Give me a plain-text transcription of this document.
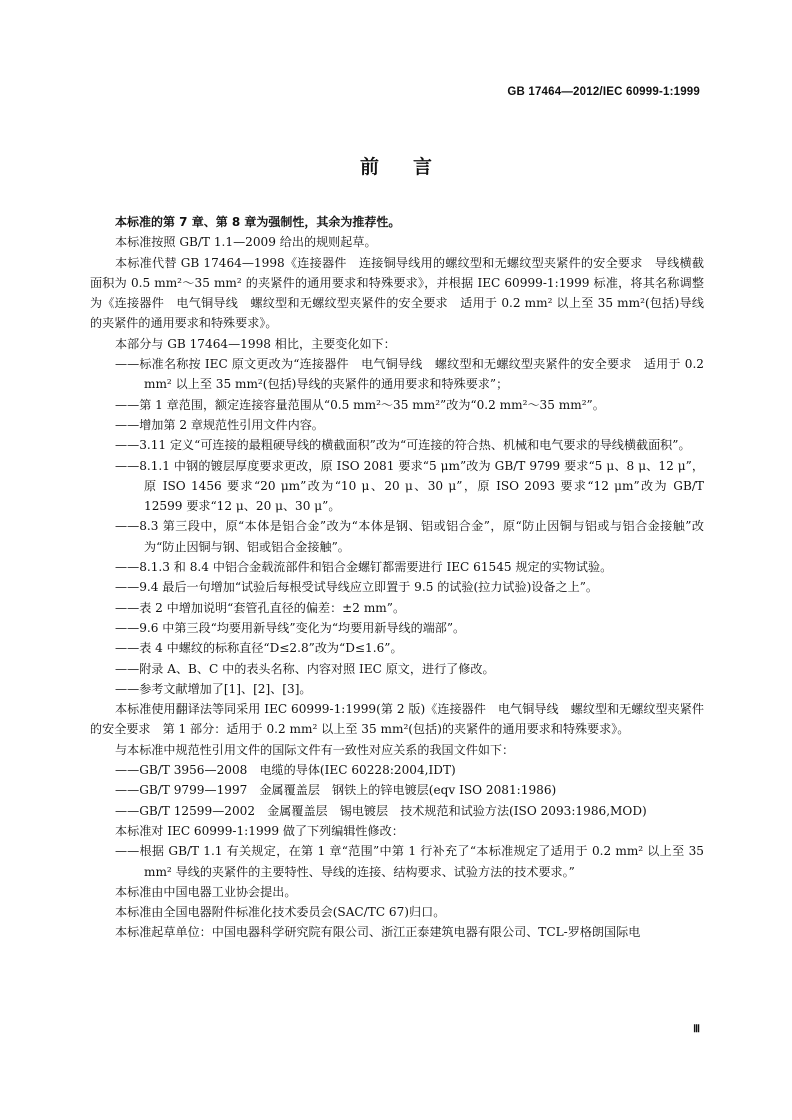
GB 17464—2012/IEC 60999-1:1999
前言

本标准的第 7 章、第 8 章为强制性，其余为推荐性。

本标准按照 GB/T 1.1—2009 给出的规则起草。

本标准代替 GB 17464—1998《连接器件　连接铜导线用的螺纹型和无螺纹型夹紧件的安全要求　导线横截面积为 0.5 mm²～35 mm² 的夹紧件的通用要求和特殊要求》，并根据 IEC 60999-1:1999 标准，将其名称调整为《连接器件　电气铜导线　螺纹型和无螺纹型夹紧件的安全要求　适用于 0.2 mm² 以上至 35 mm²(包括)导线的夹紧件的通用要求和特殊要求》。

本部分与 GB 17464—1998 相比，主要变化如下：

——标准名称按 IEC 原文更改为“连接器件　电气铜导线　螺纹型和无螺纹型夹紧件的安全要求　适用于 0.2 mm² 以上至 35 mm²(包括)导线的夹紧件的通用要求和特殊要求”；

——第 1 章范围，额定连接容量范围从“0.5 mm²～35 mm²”改为“0.2 mm²～35 mm²”。

——增加第 2 章规范性引用文件内容。

——3.11 定义“可连接的最粗硬导线的横截面积”改为“可连接的符合热、机械和电气要求的导线横截面积”。

——8.1.1 中钢的镀层厚度要求更改，原 ISO 2081 要求“5 μm”改为 GB/T 9799 要求“5 μ、8 μ、12 μ”，原 ISO 1456 要求“20 μm”改为“10 μ、20 μ、30 μ”，原 ISO 2093 要求“12 μm”改为 GB/T 12599 要求“12 μ、20 μ、30 μ”。

——8.3 第三段中，原“本体是铝合金”改为“本体是钢、铝或铝合金”，原“防止因铜与铝或与铝合金接触”改为“防止因铜与钢、铝或铝合金接触”。

——8.1.3 和 8.4 中铝合金载流部件和铝合金螺钉都需要进行 IEC 61545 规定的实物试验。

——9.4 最后一句增加“试验后每根受试导线应立即置于 9.5 的试验(拉力试验)设备之上”。

——表 2 中增加说明“套管孔直径的偏差：±2 mm”。

——9.6 中第三段“均要用新导线”变化为“均要用新导线的端部”。

——表 4 中螺纹的标称直径“D≤2.8”改为“D≤1.6”。

——附录 A、B、C 中的表头名称、内容对照 IEC 原文，进行了修改。

——参考文献增加了[1]、[2]、[3]。

本标准使用翻译法等同采用 IEC 60999-1:1999(第 2 版)《连接器件　电气铜导线　螺纹型和无螺纹型夹紧件的安全要求　第 1 部分：适用于 0.2 mm² 以上至 35 mm²(包括)的夹紧件的通用要求和特殊要求》。

与本标准中规范性引用文件的国际文件有一致性对应关系的我国文件如下：

——GB/T 3956—2008　电缆的导体(IEC 60228:2004,IDT)

——GB/T 9799—1997　金属覆盖层　钢铁上的锌电镀层(eqv ISO 2081:1986)

——GB/T 12599—2002　金属覆盖层　锡电镀层　技术规范和试验方法(ISO 2093:1986,MOD)

本标准对 IEC 60999-1:1999 做了下列编辑性修改：

——根据 GB/T 1.1 有关规定，在第 1 章“范围”中第 1 行补充了“本标准规定了适用于 0.2 mm² 以上至 35 mm² 导线的夹紧件的主要特性、导线的连接、结构要求、试验方法的技术要求。”

本标准由中国电器工业协会提出。

本标准由全国电器附件标准化技术委员会(SAC/TC 67)归口。

本标准起草单位：中国电器科学研究院有限公司、浙江正泰建筑电器有限公司、TCL-罗格朗国际电

Ⅲ
